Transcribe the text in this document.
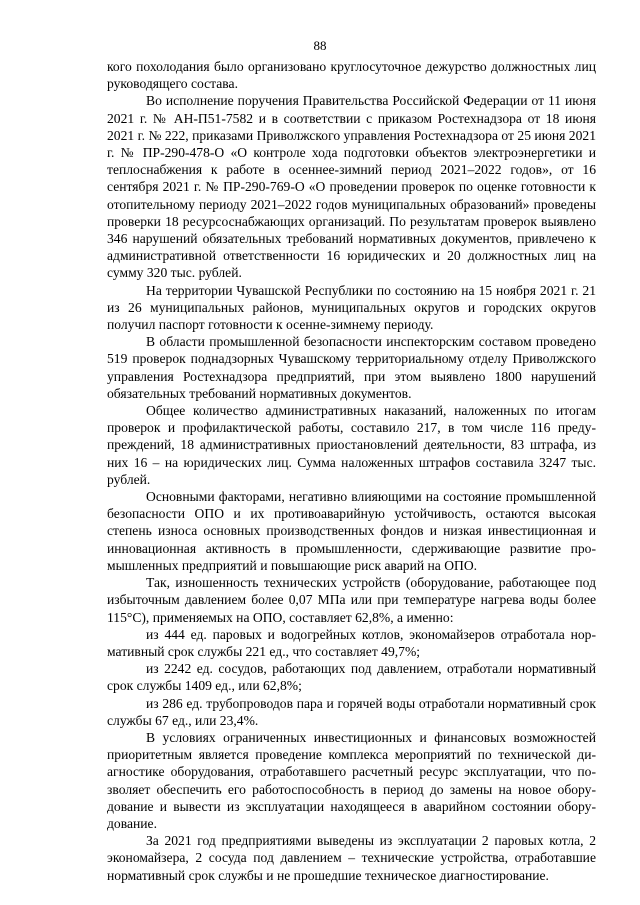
88

кого похолодания было организовано круглосуточное дежурство должностных лиц руководящего состава.

Во исполнение поручения Правительства Российской Федерации от 11 июня 2021 г. № АН-П51-7582 и в соответствии с приказом Ростехнадзора от 18 июня 2021 г. № 222, приказами Приволжского управления Ростехнадзора от 25 июня 2021 г. № ПР-290-478-О «О контроле хода подготовки объектов электроэнергетики и теплоснабжения к работе в осеннее-зимний период 2021–2022 годов», от 16 сентября 2021 г. № ПР-290-769-О «О проведении проверок по оценке готовности к отопительному периоду 2021–2022 годов муниципальных образований» проведены проверки 18 ресурсоснабжающих организаций. По результатам проверок выявлено 346 нарушений обязательных требований нормативных документов, привлечено к административной ответственности 16 юридических и 20 должностных лиц на сумму 320 тыс. рублей.

На территории Чувашской Республики по состоянию на 15 ноября 2021 г. 21 из 26 муниципальных районов, муниципальных округов и городских округов получил паспорт готовности к осенне-зимнему периоду.

В области промышленной безопасности инспекторским составом проведено 519 проверок поднадзорных Чувашскому территориальному отделу Приволжского управления Ростехнадзора предприятий, при этом выявлено 1800 нарушений обязательных требований нормативных документов.

Общее количество административных наказаний, наложенных по итогам проверок и профилактической работы, составило 217, в том числе 116 предупреждений, 18 административных приостановлений деятельности, 83 штрафа, из них 16 – на юридических лиц. Сумма наложенных штрафов составила 3247 тыс. рублей.

Основными факторами, негативно влияющими на состояние промышленной безопасности ОПО и их противоаварийную устойчивость, остаются высокая степень износа основных производственных фондов и низкая инвестиционная и инновационная активность в промышленности, сдерживающие развитие промышленных предприятий и повышающие риск аварий на ОПО.

Так, изношенность технических устройств (оборудование, работающее под избыточным давлением более 0,07 МПа или при температуре нагрева воды более 115°С), применяемых на ОПО, составляет 62,8%, а именно:

из 444 ед. паровых и водогрейных котлов, экономайзеров отработала нормативный срок службы 221 ед., что составляет 49,7%;

из 2242 ед. сосудов, работающих под давлением, отработали нормативный срок службы 1409 ед., или 62,8%;

из 286 ед. трубопроводов пара и горячей воды отработали нормативный срок службы 67 ед., или 23,4%.

В условиях ограниченных инвестиционных и финансовых возможностей приоритетным является проведение комплекса мероприятий по технической диагностике оборудования, отработавшего расчетный ресурс эксплуатации, что позволяет обеспечить его работоспособность в период до замены на новое оборудование и вывести из эксплуатации находящееся в аварийном состоянии оборудование.

За 2021 год предприятиями выведены из эксплуатации 2 паровых котла, 2 экономайзера, 2 сосуда под давлением – технические устройства, отработавшие нормативный срок службы и не прошедшие техническое диагностирование.
